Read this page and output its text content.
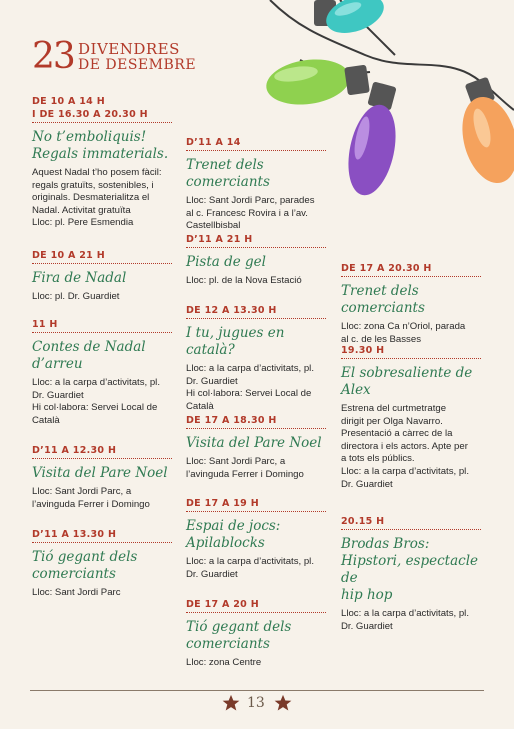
23 DIVENDRES
DE DESEMBRE
DE 10 A 14 H
I DE 16.30 A 20.30 H
No t’emboliquis!
Regals immaterials.
Aquest Nadal t’ho posem fàcil:
regals gratuïts, sostenibles, i
originals. Desmaterialitza el
Nadal. Activitat gratuïta
Lloc: pl. Pere Esmendia
DE 10 A 21 H
Fira de Nadal
Lloc: pl. Dr. Guardiet
11 H
Contes de Nadal
d’arreu
Lloc: a la carpa d’activitats, pl.
Dr. Guardiet
Hi col·labora: Servei Local de
Català
D’11 A 12.30 H
Visita del Pare Noel
Lloc: Sant Jordi Parc, a
l’avinguda Ferrer i Domingo
D’11 A 13.30 H
Tió gegant dels
comerciants
Lloc: Sant Jordi Parc
D’11 A 14
Trenet dels comerciants
Lloc: Sant Jordi Parc, parades
al c. Francesc Rovira i a l’av.
Castellbisbal
D’11 A 21 H
Pista de gel
Lloc: pl. de la Nova Estació
DE 12 A 13.30 H
I tu, jugues en català?
Lloc: a la carpa d’activitats, pl.
Dr. Guardiet
Hi col·labora: Servei Local de
Català
DE 17 A 18.30 H
Visita del Pare Noel
Lloc: Sant Jordi Parc, a
l’avinguda Ferrer i Domingo
DE 17 A 19 H
Espai de jocs:
Apilablocks
Lloc: a la carpa d’activitats, pl.
Dr. Guardiet
DE 17 A 20 H
Tió gegant dels
comerciants
Lloc: zona Centre
DE 17 A 20.30 H
Trenet dels comerciants
Lloc: zona Ca n’Oriol, parada
al c. de les Basses
19.30 H
El sobresaliente de
Alex
Estrena del curtmetratge
dirigit per Olga Navarro.
Presentació a càrrec de la
directora i els actors. Apte per
a tots els públics.
Lloc: a la carpa d’activitats, pl.
Dr. Guardiet
20.15 H
Brodas Bros:
Hipstori, espectacle de
hip hop
Lloc: a la carpa d’activitats, pl.
Dr. Guardiet
13
